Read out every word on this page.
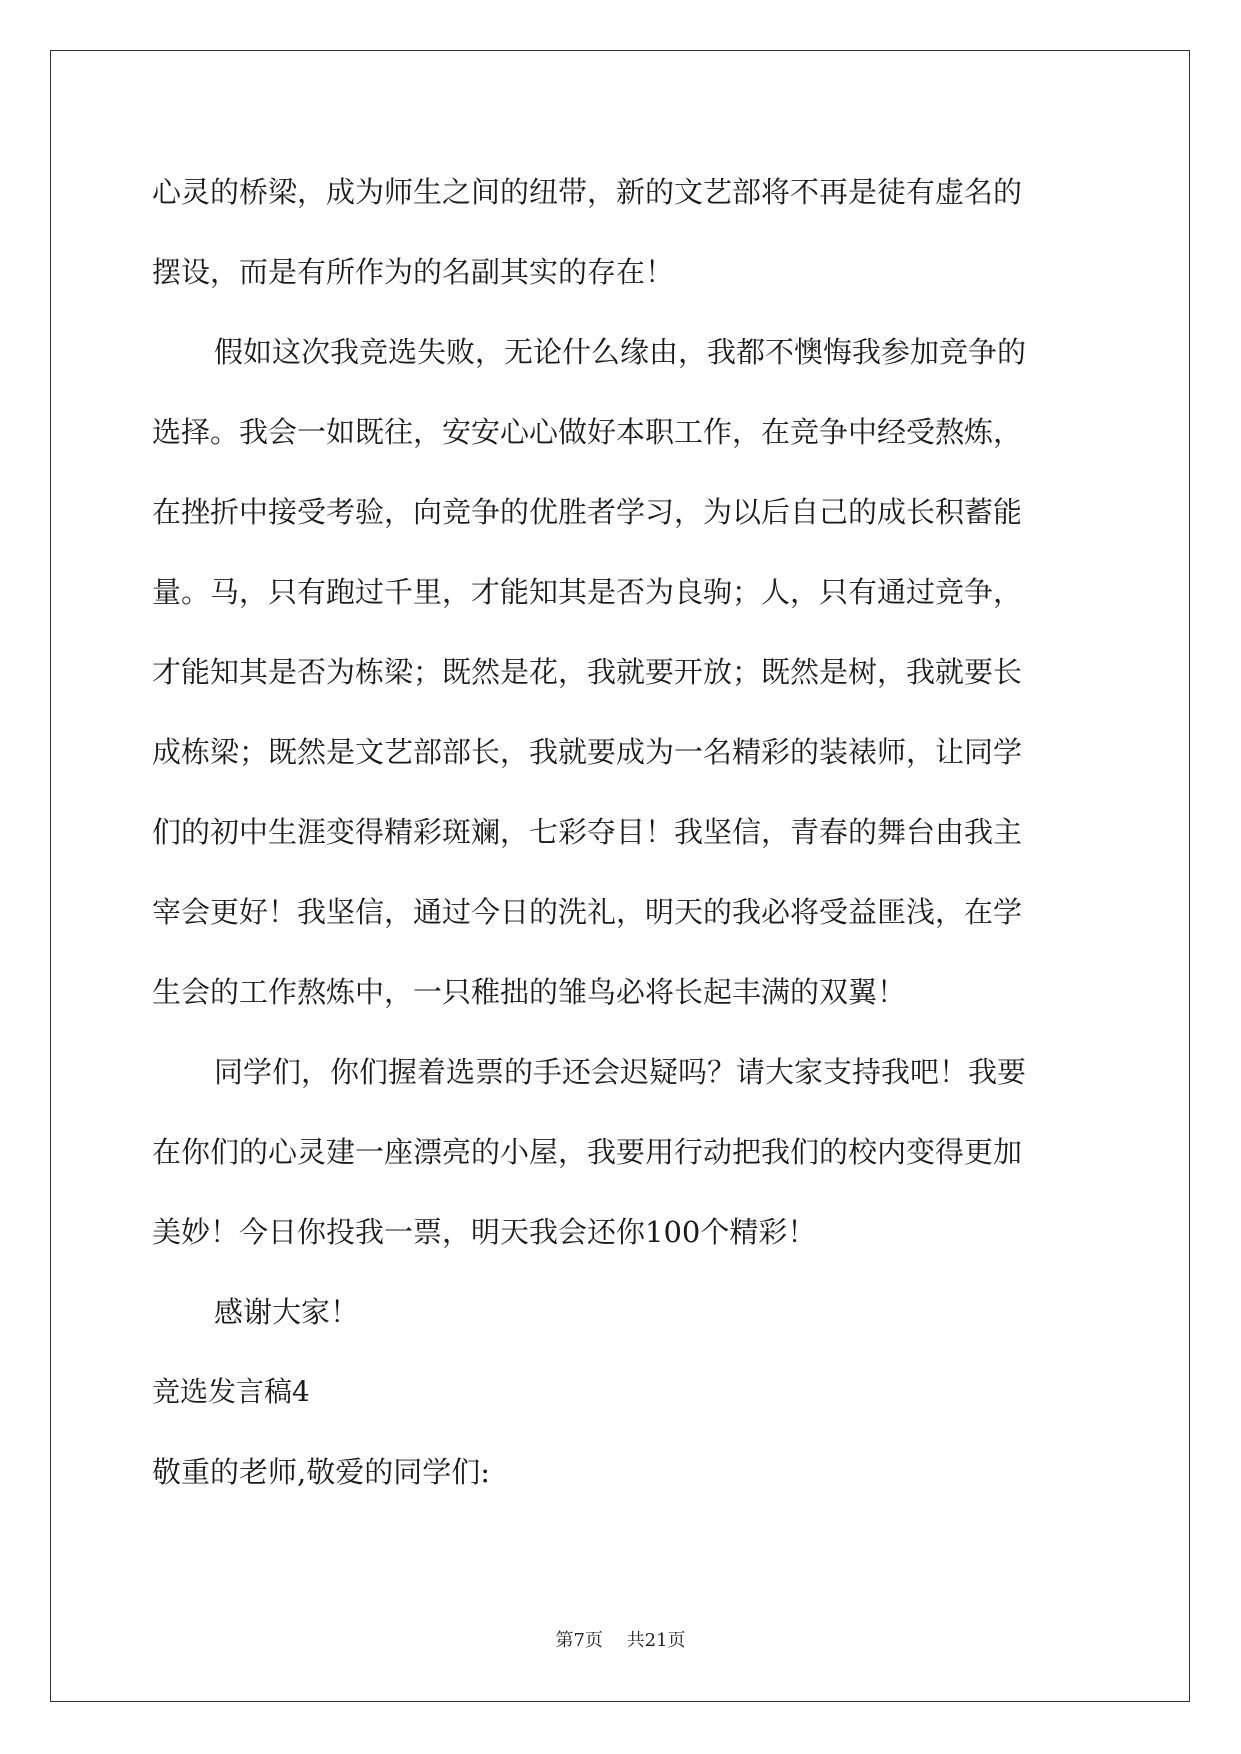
心灵的桥梁，成为师生之间的纽带，新的文艺部将不再是徒有虚名的
摆设，而是有所作为的名副其实的存在！
假如这次我竞选失败，无论什么缘由，我都不懊悔我参加竞争的
选择。我会一如既往，安安心心做好本职工作，在竞争中经受熬炼，
在挫折中接受考验，向竞争的优胜者学习，为以后自己的成长积蓄能
量。马，只有跑过千里，才能知其是否为良驹；人，只有通过竞争，
才能知其是否为栋梁；既然是花，我就要开放；既然是树，我就要长
成栋梁；既然是文艺部部长，我就要成为一名精彩的装裱师，让同学
们的初中生涯变得精彩斑斓，七彩夺目！我坚信，青春的舞台由我主
宰会更好！我坚信，通过今日的洗礼，明天的我必将受益匪浅，在学
生会的工作熬炼中，一只稚拙的雏鸟必将长起丰满的双翼！
同学们，你们握着选票的手还会迟疑吗？请大家支持我吧！我要
在你们的心灵建一座漂亮的小屋，我要用行动把我们的校内变得更加
美妙！今日你投我一票，明天我会还你100个精彩！
感谢大家！
竞选发言稿4
敬重的老师,敬爱的同学们:
第7页 共21页
